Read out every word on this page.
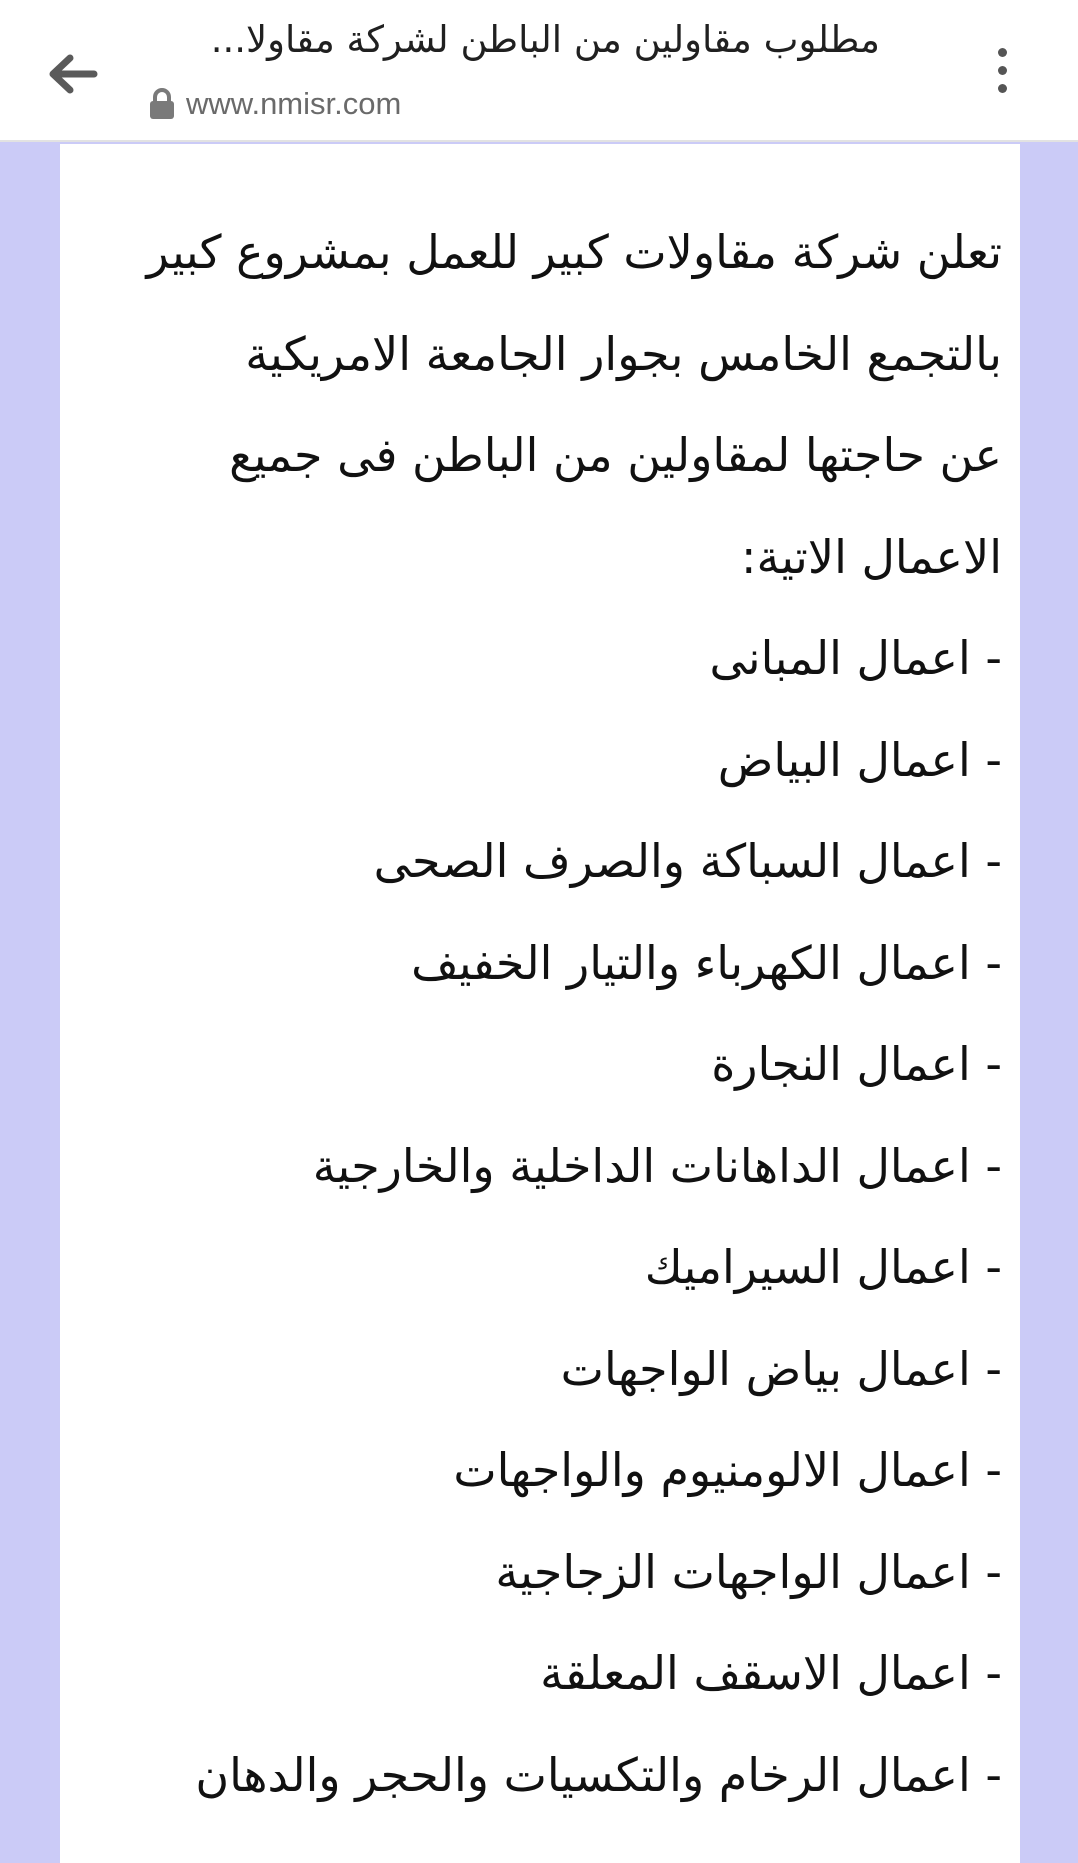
مطلوب مقاولين من الباطن لشركة مقاولا...
www.nmisr.com

تعلن شركة مقاولات كبير للعمل بمشروع كبير

بالتجمع الخامس بجوار الجامعة الامريكية

عن حاجتها لمقاولين من الباطن فى جميع

الاعمال الاتية:

- اعمال المبانى

- اعمال البياض

- اعمال السباكة والصرف الصحى

- اعمال الكهرباء والتيار الخفيف

- اعمال النجارة

- اعمال الداهانات الداخلية والخارجية

- اعمال السيراميك

- اعمال بياض الواجهات

- اعمال الالومنيوم والواجهات

- اعمال الواجهات الزجاجية

- اعمال الاسقف المعلقة

- اعمال الرخام والتكسيات والحجر والدهان
